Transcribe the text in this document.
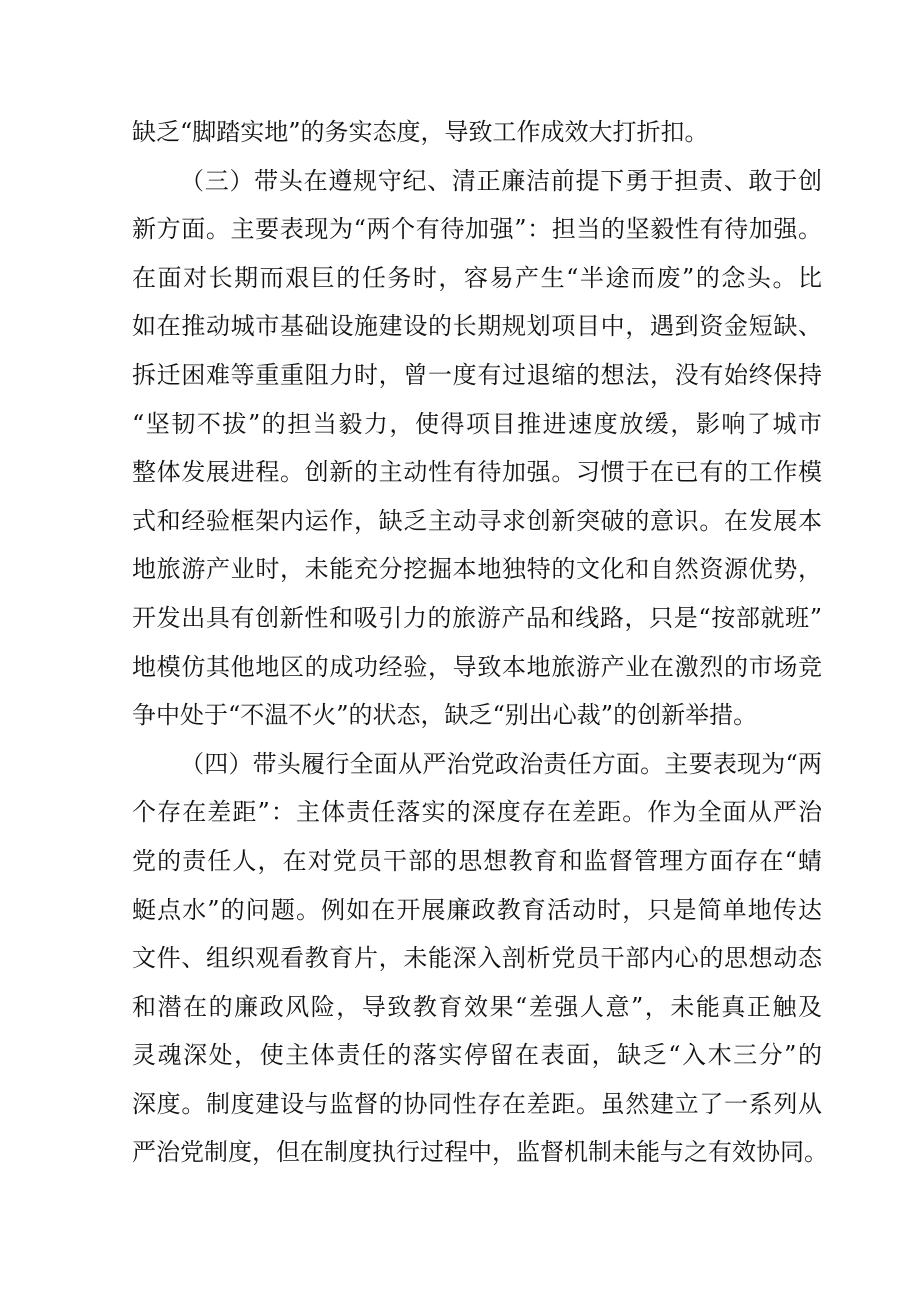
缺乏“脚踏实地”的务实态度，导致工作成效大打折扣。
（三）带头在遵规守纪、清正廉洁前提下勇于担责、敢于创
新方面。主要表现为“两个有待加强”：担当的坚毅性有待加强。
在面对长期而艰巨的任务时，容易产生“半途而废”的念头。比
如在推动城市基础设施建设的长期规划项目中，遇到资金短缺、
拆迁困难等重重阻力时，曾一度有过退缩的想法，没有始终保持
“坚韧不拔”的担当毅力，使得项目推进速度放缓，影响了城市
整体发展进程。创新的主动性有待加强。习惯于在已有的工作模
式和经验框架内运作，缺乏主动寻求创新突破的意识。在发展本
地旅游产业时，未能充分挖掘本地独特的文化和自然资源优势，
开发出具有创新性和吸引力的旅游产品和线路，只是“按部就班”
地模仿其他地区的成功经验，导致本地旅游产业在激烈的市场竞
争中处于“不温不火”的状态，缺乏“别出心裁”的创新举措。
（四）带头履行全面从严治党政治责任方面。主要表现为“两
个存在差距”：主体责任落实的深度存在差距。作为全面从严治
党的责任人，在对党员干部的思想教育和监督管理方面存在“蜻
蜓点水”的问题。例如在开展廉政教育活动时，只是简单地传达
文件、组织观看教育片，未能深入剖析党员干部内心的思想动态
和潜在的廉政风险，导致教育效果“差强人意”，未能真正触及
灵魂深处，使主体责任的落实停留在表面，缺乏“入木三分”的
深度。制度建设与监督的协同性存在差距。虽然建立了一系列从
严治党制度，但在制度执行过程中，监督机制未能与之有效协同。
